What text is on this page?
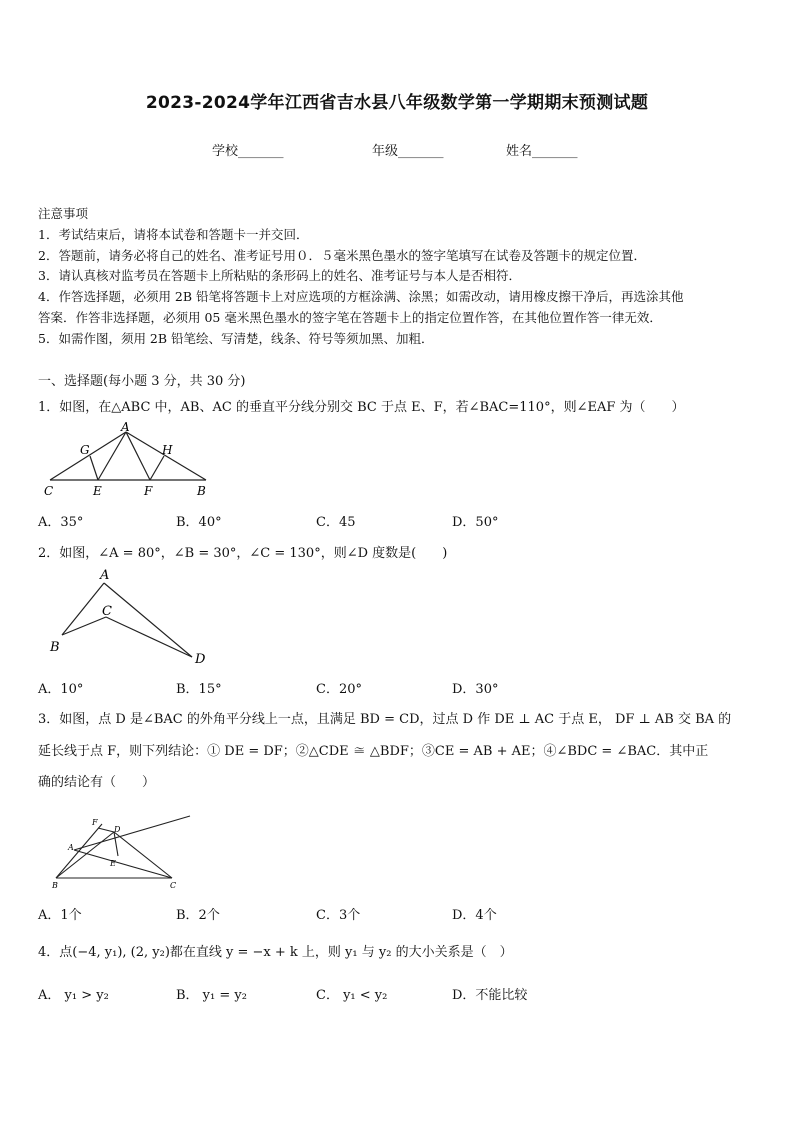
2023-2024学年江西省吉水县八年级数学第一学期期末预测试题
学校_______	年级_______	姓名_______
注意事项
1．考试结束后，请将本试卷和答题卡一并交回．
2．答题前，请务必将自己的姓名、准考证号用０．５毫米黑色墨水的签字笔填写在试卷及答题卡的规定位置．
3．请认真核对监考员在答题卡上所粘贴的条形码上的姓名、准考证号与本人是否相符．
4．作答选择题，必须用 2B 铅笔将答题卡上对应选项的方框涂满、涂黑；如需改动，请用橡皮擦干净后，再选涂其他
答案．作答非选择题，必须用 05 毫米黑色墨水的签字笔在答题卡上的指定位置作答，在其他位置作答一律无效．
5．如需作图，须用 2B 铅笔绘、写清楚，线条、符号等须加黑、加粗．
一、选择题(每小题 3 分，共 30 分)
1．如图，在△ABC 中，AB、AC 的垂直平分线分别交 BC 于点 E、F，若∠BAC=110°，则∠EAF 为（　　）
A
G	H
C	E	F	B
A．35°	B．40°	C．45	D．50°
2．如图，∠A = 80°，∠B = 30°，∠C = 130°，则∠D 度数是(　　)
A
C
B
D
A．10°	B．15°	C．20°	D．30°
3．如图，点 D 是∠BAC 的外角平分线上一点，且满足 BD = CD，过点 D 作 DE ⊥ AC 于点 E， DF ⊥ AB 交 BA 的
延长线于点 F，则下列结论：① DE = DF；②△CDE ≅ △BDF；③CE = AB + AE；④∠BDC = ∠BAC．其中正
确的结论有（　　）
F
D
A
E
B	C
A．1个	B．2个	C．3个	D．4个
4．点(−4, y₁), (2, y₂)都在直线 y = −x + k 上，则 y₁ 与 y₂ 的大小关系是（　）
A． y₁ > y₂	B． y₁ = y₂	C． y₁ < y₂	D．不能比较
